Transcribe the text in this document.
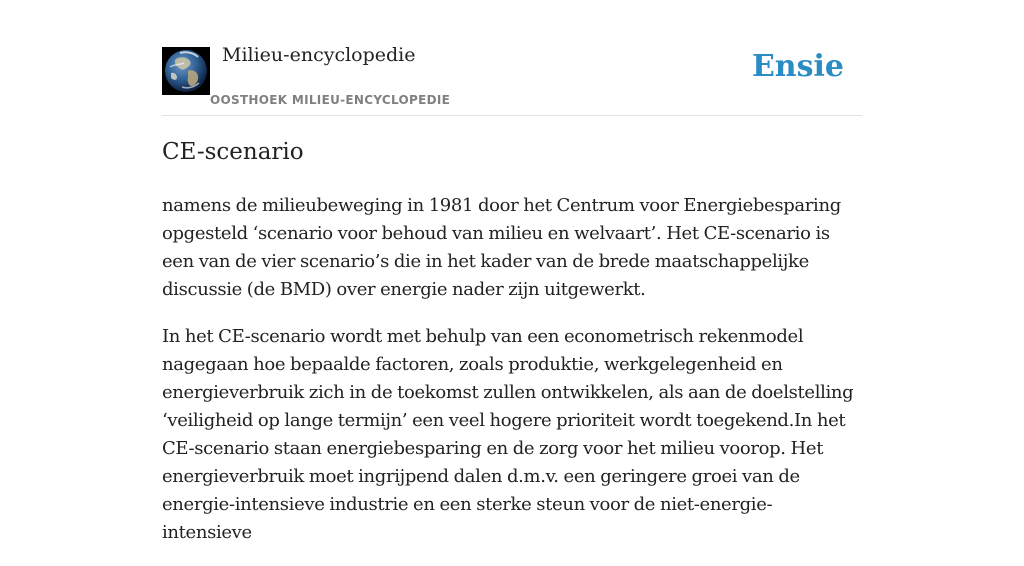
Milieu-encyclopedie
OOSTHOEK MILIEU-ENCYCLOPEDIE
Ensie
CE-scenario

namens de milieubeweging in 1981 door het Centrum voor Energiebesparing opgesteld ‘scenario voor behoud van milieu en welvaart’. Het CE-scenario is een van de vier scenario’s die in het kader van de brede maatschappelijke discussie (de BMD) over energie nader zijn uitgewerkt.

In het CE-scenario wordt met behulp van een econometrisch rekenmodel nagegaan hoe bepaalde factoren, zoals produktie, werkgelegenheid en energieverbruik zich in de toekomst zullen ontwikkelen, als aan de doelstelling ‘veiligheid op lange termijn’ een veel hogere prioriteit wordt toegekend.In het CE-scenario staan energiebesparing en de zorg voor het milieu voorop. Het energieverbruik moet ingrijpend dalen d.m.v. een geringere groei van de energie-intensieve industrie en een sterke steun voor de niet-energie-intensieve
